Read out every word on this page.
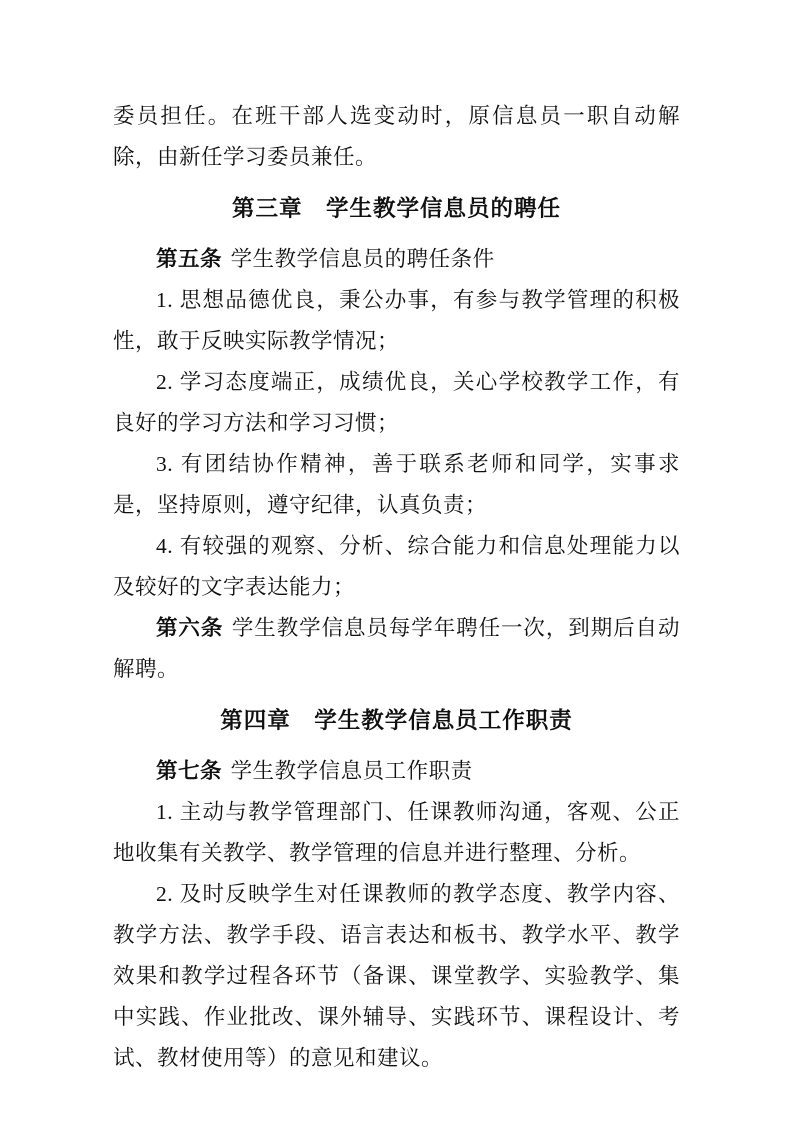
委员担任。在班干部人选变动时，原信息员一职自动解除，由新任学习委员兼任。

第三章　学生教学信息员的聘任

第五条 学生教学信息员的聘任条件

1. 思想品德优良，秉公办事，有参与教学管理的积极性，敢于反映实际教学情况；

2. 学习态度端正，成绩优良，关心学校教学工作，有良好的学习方法和学习习惯；

3. 有团结协作精神，善于联系老师和同学，实事求是，坚持原则，遵守纪律，认真负责；

4. 有较强的观察、分析、综合能力和信息处理能力以及较好的文字表达能力；

第六条 学生教学信息员每学年聘任一次，到期后自动解聘。

第四章　学生教学信息员工作职责

第七条 学生教学信息员工作职责

1. 主动与教学管理部门、任课教师沟通，客观、公正地收集有关教学、教学管理的信息并进行整理、分析。

2. 及时反映学生对任课教师的教学态度、教学内容、教学方法、教学手段、语言表达和板书、教学水平、教学效果和教学过程各环节（备课、课堂教学、实验教学、集中实践、作业批改、课外辅导、实践环节、课程设计、考试、教材使用等）的意见和建议。
